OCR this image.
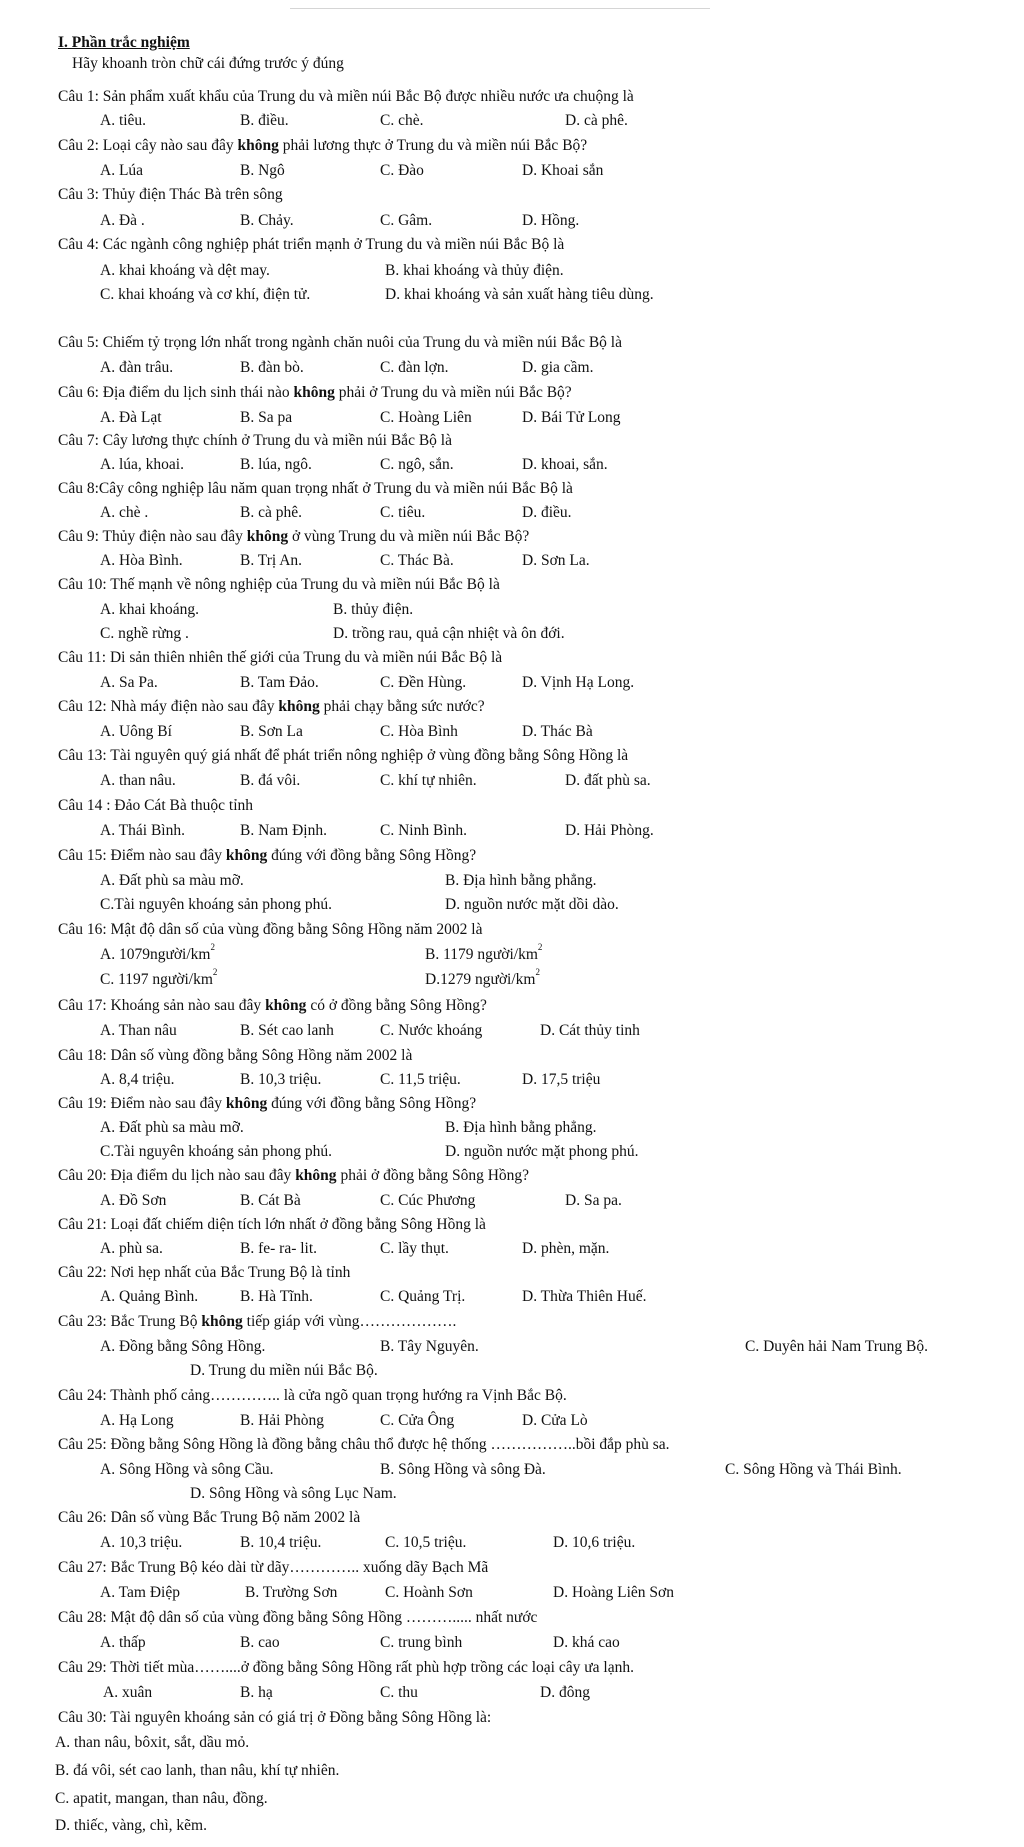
I. Phần trắc nghiệm
Hãy khoanh tròn chữ cái đứng trước ý đúng
Câu 1: Sản phẩm xuất khẩu của Trung du và miền núi Bắc Bộ được nhiều nước ưa chuộng là
A. tiêu.	B. điều.	C. chè.	D. cà phê.
Câu 2: Loại cây nào sau đây không phải lương thực ở Trung du và miền núi Bắc Bộ?
A. Lúa	B. Ngô	C. Đào	D. Khoai sắn
Câu 3: Thủy điện Thác Bà trên sông
A. Đà .	B. Chảy.	C. Gâm.	D. Hồng.
Câu 4: Các ngành công nghiệp phát triển mạnh ở Trung du và miền núi Bắc Bộ là
A. khai khoáng và dệt may.	B. khai khoáng và thủy điện.
C. khai khoáng và cơ khí, điện tử.	D. khai khoáng và sản xuất hàng tiêu dùng.
Câu 5: Chiếm tỷ trọng lớn nhất trong ngành chăn nuôi của Trung du và miền núi Bắc Bộ là
A. đàn trâu.	B. đàn bò.	C. đàn lợn.	D. gia cầm.
Câu 6: Địa điểm du lịch sinh thái nào không phải ở Trung du và miền núi Bắc Bộ?
A. Đà Lạt	B. Sa pa	C. Hoàng Liên	D. Bái Tử Long
Câu 7: Cây lương thực chính ở Trung du và miền núi Bắc Bộ là
A. lúa, khoai.	B. lúa, ngô.	C. ngô, sắn.	D. khoai, sắn.
Câu 8:Cây công nghiệp lâu năm quan trọng nhất ở Trung du và miền núi Bắc Bộ là
A. chè .	B. cà phê.	C. tiêu.	D. điều.
Câu 9: Thủy điện nào sau đây không ở vùng Trung du và miền núi Bắc Bộ?
A. Hòa Bình.	B. Trị An.	C. Thác Bà.	D. Sơn La.
Câu 10: Thế mạnh về nông nghiệp của Trung du và miền núi Bắc Bộ là
A. khai khoáng.	B. thủy điện.
C. nghề rừng .	D. trồng rau, quả cận nhiệt và ôn đới.
Câu 11: Di sản thiên nhiên thế giới của Trung du và miền núi Bắc Bộ là
A. Sa Pa.	B. Tam Đảo.	C. Đền Hùng.	D. Vịnh Hạ Long.
Câu 12: Nhà máy điện nào sau đây không phải chạy bằng sức nước?
A. Uông Bí	B. Sơn La	C. Hòa Bình	D. Thác Bà
Câu 13: Tài nguyên quý giá nhất để phát triển nông nghiệp ở vùng đồng bằng Sông Hồng là
A. than nâu.	B. đá vôi.	C. khí tự nhiên.	D. đất phù sa.
Câu 14 : Đảo Cát Bà thuộc tỉnh
A. Thái Bình.	B. Nam Định.	C. Ninh Bình.	D. Hải Phòng.
Câu 15: Điểm nào sau đây không đúng với đồng bằng Sông Hồng?
A. Đất phù sa màu mỡ.	B. Địa hình bằng phẳng.
C.Tài nguyên khoáng sản phong phú.	D. nguồn nước mặt dồi dào.
Câu 16: Mật độ dân số của vùng đồng bằng Sông Hồng năm 2002 là
A. $1079người/km^2$	B. 1179 người/$km^2$
C. 1197 người/$km^2$	D.1279 người/$km^2$
Câu 17: Khoáng sản nào sau đây không có ở đồng bằng Sông Hồng?
A. Than nâu	B. Sét cao lanh	C. Nước khoáng	D. Cát thủy tinh
Câu 18: Dân số vùng đồng bằng Sông Hồng năm 2002 là
A. 8,4 triệu.	B. 10,3 triệu.	C. 11,5 triệu.	D. 17,5 triệu
Câu 19: Điểm nào sau đây không đúng với đồng bằng Sông Hồng?
A. Đất phù sa màu mỡ.	B. Địa hình bằng phẳng.
C.Tài nguyên khoáng sản phong phú.	D. nguồn nước mặt phong phú.
Câu 20: Địa điểm du lịch nào sau đây không phải ở đồng bằng Sông Hồng?
A. Đồ Sơn	B. Cát Bà	C. Cúc Phương	D. Sa pa.
Câu 21: Loại đất chiếm diện tích lớn nhất ở đồng bằng Sông Hồng là
A. phù sa.	B. fe- ra- lit.	C. lầy thụt.	D. phèn, mặn.
Câu 22: Nơi hẹp nhất của Bắc Trung Bộ là tỉnh
A. Quảng Bình.	B. Hà Tĩnh.	C. Quảng Trị.	D. Thừa Thiên Huế.
Câu 23: Bắc Trung Bộ không tiếp giáp với vùng……………….
A. Đồng bằng Sông Hồng.	B. Tây Nguyên.	C. Duyên hải Nam Trung Bộ.
D. Trung du miền núi Bắc Bộ.
Câu 24: Thành phố cảng………….. là cửa ngõ quan trọng hướng ra Vịnh Bắc Bộ.
A. Hạ Long	B. Hải Phòng	C. Cửa Ông	D. Cửa Lò
Câu 25: Đồng bằng Sông Hồng là đồng bằng châu thổ được hệ thống ……………..bồi đắp phù sa.
A. Sông Hồng và sông Cầu.	B. Sông Hồng và sông Đà.	C. Sông Hồng và Thái Bình.
D. Sông Hồng và sông Lục Nam.
Câu 26: Dân số vùng Bắc Trung Bộ năm 2002 là
A. 10,3 triệu.	B. 10,4 triệu.	C. 10,5 triệu.	D. 10,6 triệu.
Câu 27: Bắc Trung Bộ kéo dài từ dãy………….. xuống dãy Bạch Mã
A. Tam Điệp	B. Trường Sơn	C. Hoành Sơn	D. Hoàng Liên Sơn
Câu 28: Mật độ dân số của vùng đồng bằng Sông Hồng ………..... nhất nước
A. thấp	B. cao	C. trung bình	D. khá cao
Câu 29: Thời tiết mùa……....ở đồng bằng Sông Hồng rất phù hợp trồng các loại cây ưa lạnh.
A. xuân	B. hạ	C. thu	D. đông
Câu 30: Tài nguyên khoáng sản có giá trị ở Đồng bằng Sông Hồng là:
A. than nâu, bôxit, sắt, dầu mỏ.
B. đá vôi, sét cao lanh, than nâu, khí tự nhiên.
C. apatit, mangan, than nâu, đồng.
D. thiếc, vàng, chì, kẽm.
